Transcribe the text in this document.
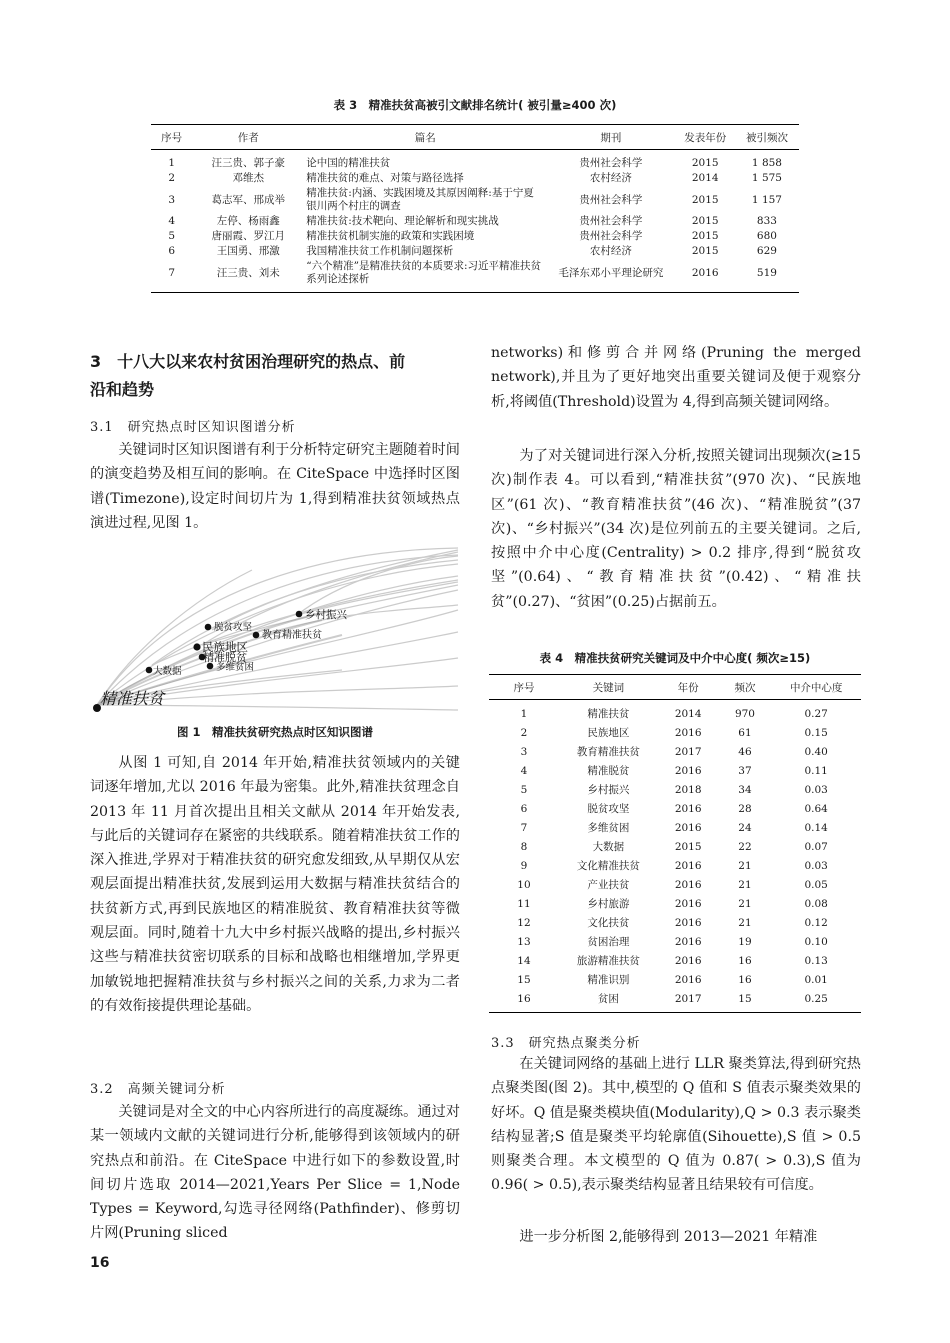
表 3　精准扶贫高被引文献排名统计( 被引量≥400 次)
序号	作者	篇名	期刊	发表年份	被引频次
1	汪三贵、郭子豪	论中国的精准扶贫	贵州社会科学	2015	1 858
2	邓维杰	精准扶贫的难点、对策与路径选择	农村经济	2014	1 575
3	葛志军、邢成举	精准扶贫:内涵、实践困境及其原因阐释:基于宁夏银川两个村庄的调查	贵州社会科学	2015	1 157
4	左停、杨雨鑫	精准扶贫:技术靶向、理论解析和现实挑战	贵州社会科学	2015	833
5	唐丽霞、罗江月	精准扶贫机制实施的政策和实践困境	贵州社会科学	2015	680
6	王国勇、邢激	我国精准扶贫工作机制问题探析	农村经济	2015	629
7	汪三贵、刘未	“六个精准”是精准扶贫的本质要求:习近平精准扶贫系列论述探析	毛泽东邓小平理论研究	2016	519
3　十八大以来农村贫困治理研究的热点、前
沿和趋势
3.1　研究热点时区知识图谱分析

关键词时区知识图谱有利于分析特定研究主题随着时间的演变趋势及相互间的影响。在 CiteSpace 中选择时区图谱(Timezone),设定时间切片为 1,得到精准扶贫领域热点演进过程,见图 1。

乡村振兴
脱贫攻坚
教育精准扶贫
民族地区
精准脱贫
多维贫困
大数据
精准扶贫
图 1　精准扶贫研究热点时区知识图谱

从图 1 可知,自 2014 年开始,精准扶贫领域内的关键词逐年增加,尤以 2016 年最为密集。此外,精准扶贫理念自 2013 年 11 月首次提出且相关文献从 2014 年开始发表,与此后的关键词存在紧密的共线联系。随着精准扶贫工作的深入推进,学界对于精准扶贫的研究愈发细致,从早期仅从宏观层面提出精准扶贫,发展到运用大数据与精准扶贫结合的扶贫新方式,再到民族地区的精准脱贫、教育精准扶贫等微观层面。同时,随着十九大中乡村振兴战略的提出,乡村振兴这些与精准扶贫密切联系的目标和战略也相继增加,学界更加敏锐地把握精准扶贫与乡村振兴之间的关系,力求为二者的有效衔接提供理论基础。

3.2　高频关键词分析

关键词是对全文的中心内容所进行的高度凝练。通过对某一领域内文献的关键词进行分析,能够得到该领域内的研究热点和前沿。在 CiteSpace 中进行如下的参数设置,时间切片选取 2014—2021,Years Per Slice = 1,Node Types = Keyword,勾选寻径网络(Pathfinder)、修剪切片网(Pruning sliced

16

networks)和修剪合并网络(Pruning the merged network),并且为了更好地突出重要关键词及便于观察分析,将阈值(Threshold)设置为 4,得到高频关键词网络。

为了对关键词进行深入分析,按照关键词出现频次(≥15 次)制作表 4。可以看到,“精准扶贫”(970 次)、“民族地区”(61 次)、“教育精准扶贫”(46 次)、“精准脱贫”(37 次)、“乡村振兴”(34 次)是位列前五的主要关键词。之后,按照中介中心度(Centrality) > 0.2 排序,得到“脱贫攻坚”(0.64)、“教育精准扶贫”(0.42)、“精准扶贫”(0.27)、“贫困”(0.25)占据前五。

表 4　精准扶贫研究关键词及中介中心度( 频次≥15)
序号	关键词	年份	频次	中介中心度
1	精准扶贫	2014	970	0.27
2	民族地区	2016	61	0.15
3	教育精准扶贫	2017	46	0.40
4	精准脱贫	2016	37	0.11
5	乡村振兴	2018	34	0.03
6	脱贫攻坚	2016	28	0.64
7	多维贫困	2016	24	0.14
8	大数据	2015	22	0.07
9	文化精准扶贫	2016	21	0.03
10	产业扶贫	2016	21	0.05
11	乡村旅游	2016	21	0.08
12	文化扶贫	2016	21	0.12
13	贫困治理	2016	19	0.10
14	旅游精准扶贫	2016	16	0.13
15	精准识别	2016	16	0.01
16	贫困	2017	15	0.25
3.3　研究热点聚类分析

在关键词网络的基础上进行 LLR 聚类算法,得到研究热点聚类图(图 2)。其中,模型的 Q 值和 S 值表示聚类效果的好坏。Q 值是聚类模块值(Modularity),Q > 0.3 表示聚类结构显著;S 值是聚类平均轮廓值(Sihouette),S 值 > 0.5 则聚类合理。本文模型的 Q 值为 0.87( > 0.3),S 值为 0.96( > 0.5),表示聚类结构显著且结果较有可信度。

进一步分析图 2,能够得到 2013—2021 年精准
